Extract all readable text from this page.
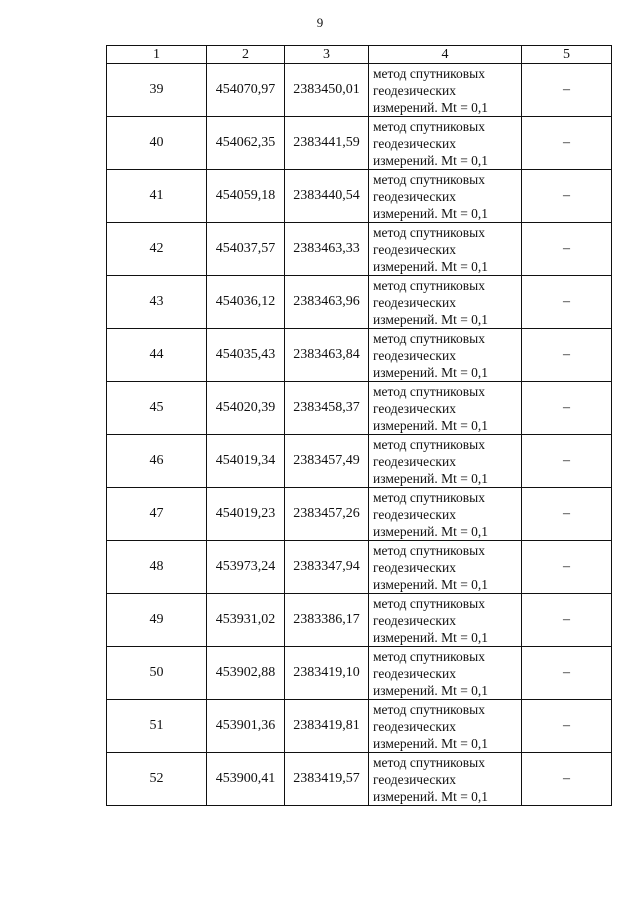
9
1	2	3	4	5
39	454070,97	2383450,01	метод спутниковых
геодезических
измерений. Mt = 0,1	–
40	454062,35	2383441,59	метод спутниковых
геодезических
измерений. Mt = 0,1	–
41	454059,18	2383440,54	метод спутниковых
геодезических
измерений. Mt = 0,1	–
42	454037,57	2383463,33	метод спутниковых
геодезических
измерений. Mt = 0,1	–
43	454036,12	2383463,96	метод спутниковых
геодезических
измерений. Mt = 0,1	–
44	454035,43	2383463,84	метод спутниковых
геодезических
измерений. Mt = 0,1	–
45	454020,39	2383458,37	метод спутниковых
геодезических
измерений. Mt = 0,1	–
46	454019,34	2383457,49	метод спутниковых
геодезических
измерений. Mt = 0,1	–
47	454019,23	2383457,26	метод спутниковых
геодезических
измерений. Mt = 0,1	–
48	453973,24	2383347,94	метод спутниковых
геодезических
измерений. Mt = 0,1	–
49	453931,02	2383386,17	метод спутниковых
геодезических
измерений. Mt = 0,1	–
50	453902,88	2383419,10	метод спутниковых
геодезических
измерений. Mt = 0,1	–
51	453901,36	2383419,81	метод спутниковых
геодезических
измерений. Mt = 0,1	–
52	453900,41	2383419,57	метод спутниковых
геодезических
измерений. Mt = 0,1	–
